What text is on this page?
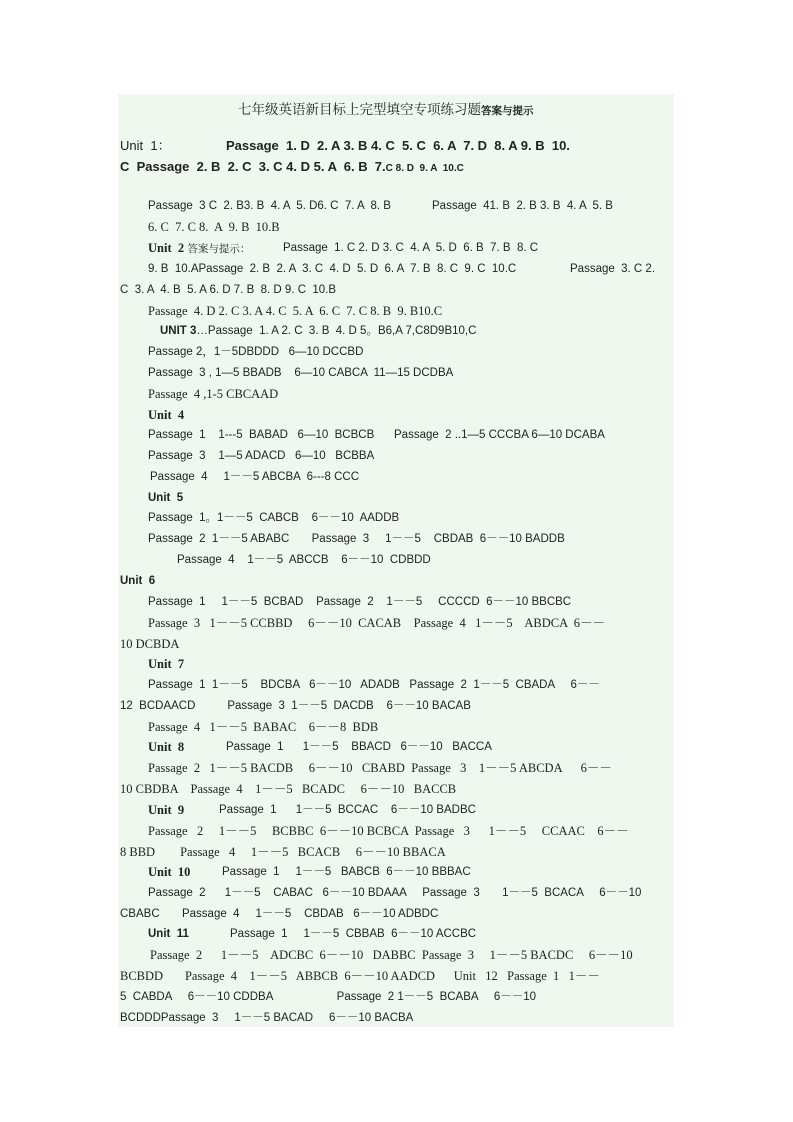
七年级英语新目标上完型填空专项练习题答案与提示
Unit  1：	Passage  1. D  2. A 3. B 4. C  5. C  6. A  7. D  8. A 9. B  10.
C  Passage  2. B  2. C  3. C 4. D 5. A  6. B  7.C 8. D  9. A  10.C
Passage  3 C  2. B3. B  4. A  5. D6. C  7. A  8. B	Passage  41. B  2. B 3. B  4. A  5. B
6. C  7. C 8.  A  9. B  10.B
Unit  2 答案与提示：	Passage  1. C 2. D 3. C  4. A  5. D  6. B  7. B  8. C
9. B  10.APassage  2. B  2. A  3. C  4. D  5. D  6. A  7. B  8. C  9. C  10.C	Passage  3. C 2.
C  3. A  4. B  5. A 6. D 7. B  8. D 9. C  10.B
Passage  4. D 2. C 3. A 4. C  5. A  6. C  7. C 8. B  9. B10.C
UNIT 3…Passage  1. A 2. C  3. B  4. D 5。B6,A 7,C8D9B10,C
Passage 2，1－5DBDDD   6—10 DCCBD
Passage  3 , 1—5 BBADB    6—10 CABCA  11—15 DCDBA
Passage  4 ,1-5 CBCAAD
Unit  4
Passage  1    1---5  BABAD   6—10  BCBCB Passage  2 ..1—5 CCCBA 6—10 DCABA
Passage  3    1—5 ADACD   6—10   BCBBA
Passage  4     1－－5 ABCBA  6---8 CCC
Unit  5
Passage  1。1－－5  CABCB    6－－10  AADDB
Passage  2  1－－5 ABABC       Passage  3     1－－5    CBDAB  6－－10 BADDB
Passage  4    1－－5  ABCCB    6－－10  CDBDD
Unit  6
Passage  1     1－－5  BCBAD    Passage  2    1－－5     CCCCD  6－－10 BBCBC
Passage  3   1－－5 CCBBD     6－－10  CACAB    Passage  4   1－－5    ABDCA  6－－
10 DCBDA
Unit  7
Passage  1  1－－5    BDCBA   6－－10   ADADB   Passage  2  1－－5  CBADA     6－－
12  BCDAACD          Passage  3  1－－5  DACDB    6－－10 BACAB
Passage  4   1－－5  BABAC    6－－8  BDB
Unit  8	Passage  1      1－－5    BBACD   6－－10   BACCA
Passage  2   1－－5 BACDB     6－－10   CBABD  Passage   3    1－－5 ABCDA      6－－
10 CBDBA    Passage  4    1－－5   BCADC     6－－10   BACCB
Unit  9	Passage  1      1－－5  BCCAC    6－－10 BADBC
Passage   2     1－－5     BCBBC  6－－10 BCBCA  Passage   3      1－－5     CCAAC    6－－
8 BBD        Passage   4     1－－5   BCACB     6－－10 BBACA
Unit  10	Passage  1     1－－5   BABCB  6－－10 BBBAC
Passage  2      1－－5    CABAC   6－－10 BDAAA     Passage  3       1－－5  BCACA     6－－10
CBABC       Passage  4     1－－5    CBDAB   6－－10 ADBDC
Unit  11	Passage  1     1－－5  CBBAB  6－－10 ACCBC
Passage  2      1－－5    ADCBC  6－－10   DABBC  Passage  3     1－－5 BACDC     6－－10
BCBDD       Passage  4    1－－5   ABBCB  6－－10 AADCD      Unit   12   Passage  1   1－－
5  CABDA     6－－10 CDDBA                    Passage  2 1－－5  BCABA     6－－10
BCDDDPassage  3     1－－5 BACAD     6－－10 BACBA
